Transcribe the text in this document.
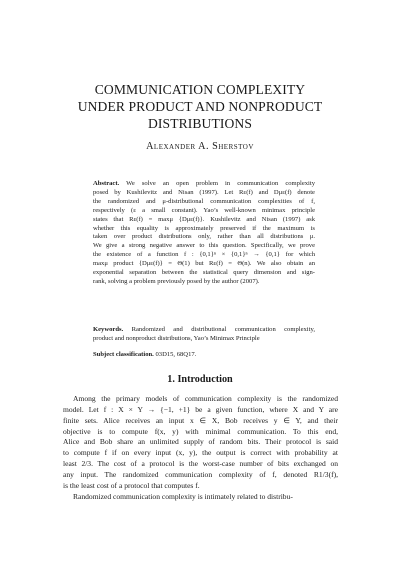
COMMUNICATION COMPLEXITY
UNDER PRODUCT AND NONPRODUCT
DISTRIBUTIONS
Alexander A. Sherstov
Abstract. We solve an open problem in communication complexity
posed by Kushilevitz and Nisan (1997). Let Rε(f) and Dμε(f) denote
the randomized and μ-distributional communication complexities of f,
respectively (ε a small constant). Yao’s well-known minimax principle
states that Rε(f) = maxμ {Dμε(f)}. Kushilevitz and Nisan (1997) ask
whether this equality is approximately preserved if the maximum is
taken over product distributions only, rather than all distributions μ.
We give a strong negative answer to this question. Specifically, we prove
the existence of a function f : {0,1}ⁿ × {0,1}ⁿ → {0,1} for which
maxμ product {Dμε(f)} = Θ(1) but Rε(f) = Θ(n). We also obtain an
exponential separation between the statistical query dimension and sign-
rank, solving a problem previously posed by the author (2007).
Keywords. Randomized and distributional communication complexity,
product and nonproduct distributions, Yao’s Minimax Principle
Subject classification. 03D15, 68Q17.
1. Introduction
Among the primary models of communication complexity is the randomized
model. Let f : X × Y → {−1, +1} be a given function, where X and Y are
finite sets. Alice receives an input x ∈ X, Bob receives y ∈ Y, and their
objective is to compute f(x, y) with minimal communication. To this end,
Alice and Bob share an unlimited supply of random bits. Their protocol is said
to compute f if on every input (x, y), the output is correct with probability at
least 2/3. The cost of a protocol is the worst-case number of bits exchanged on
any input. The randomized communication complexity of f, denoted R1/3(f),
is the least cost of a protocol that computes f.
Randomized communication complexity is intimately related to distribu-
